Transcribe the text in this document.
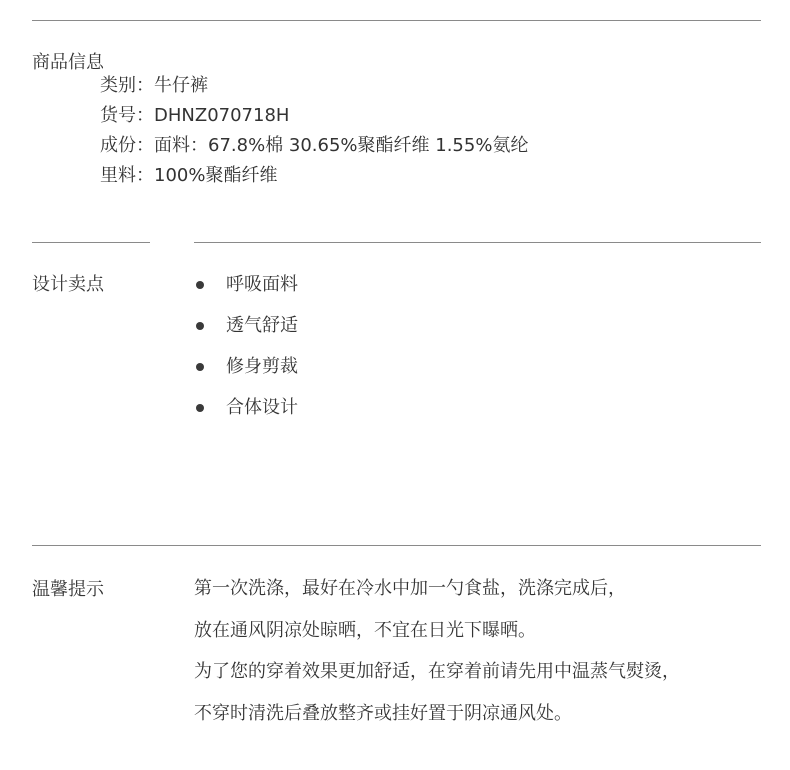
商品信息
类别：牛仔裤
货号：DHNZ070718H
成份：面料：67.8%棉 30.65%聚酯纤维 1.55%氨纶
里料：100%聚酯纤维
设计卖点	呼吸面料
透气舒适
修身剪裁
合体设计
温馨提示	第一次洗涤，最好在冷水中加一勺食盐，洗涤完成后，
放在通风阴凉处晾晒，不宜在日光下曝晒。
为了您的穿着效果更加舒适，在穿着前请先用中温蒸气熨烫，
不穿时清洗后叠放整齐或挂好置于阴凉通风处。
